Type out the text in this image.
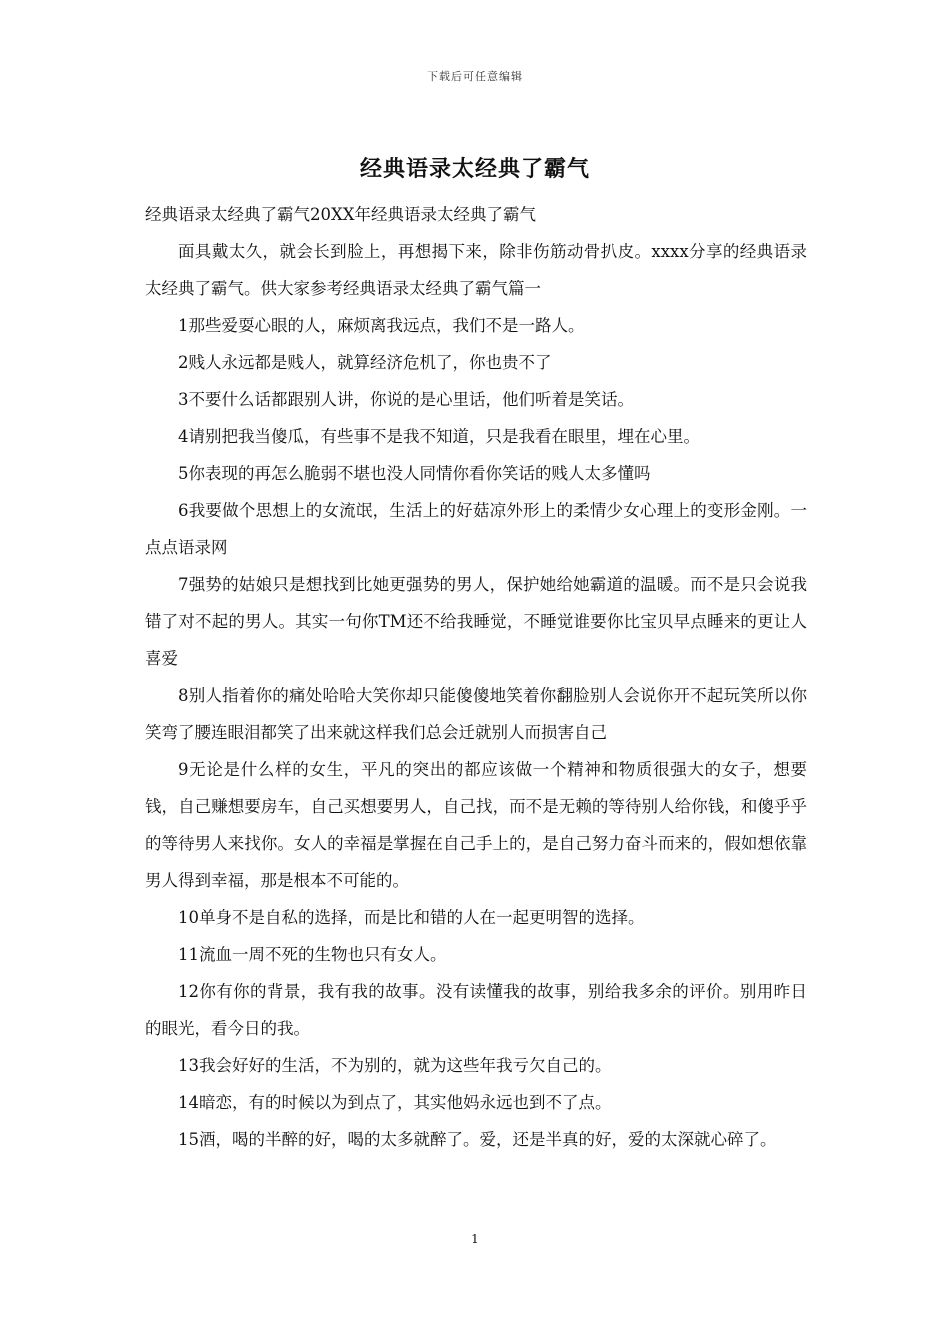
下载后可任意编辑
经典语录太经典了霸气

经典语录太经典了霸气20XX年经典语录太经典了霸气

面具戴太久，就会长到脸上，再想揭下来，除非伤筋动骨扒皮。xxxx分享的经典语录太经典了霸气。供大家参考经典语录太经典了霸气篇一

1那些爱耍心眼的人，麻烦离我远点，我们不是一路人。

2贱人永远都是贱人，就算经济危机了，你也贵不了

3不要什么话都跟别人讲，你说的是心里话，他们听着是笑话。

4请别把我当傻瓜，有些事不是我不知道，只是我看在眼里，埋在心里。

5你表现的再怎么脆弱不堪也没人同情你看你笑话的贱人太多懂吗

6我要做个思想上的女流氓，生活上的好菇凉外形上的柔情少女心理上的变形金刚。一点点语录网

7强势的姑娘只是想找到比她更强势的男人，保护她给她霸道的温暖。而不是只会说我错了对不起的男人。其实一句你TM还不给我睡觉，不睡觉谁要你比宝贝早点睡来的更让人喜爱

8别人指着你的痛处哈哈大笑你却只能傻傻地笑着你翻脸别人会说你开不起玩笑所以你笑弯了腰连眼泪都笑了出来就这样我们总会迁就别人而损害自己

9无论是什么样的女生，平凡的突出的都应该做一个精神和物质很强大的女子，想要钱，自己赚想要房车，自己买想要男人，自己找，而不是无赖的等待别人给你钱，和傻乎乎的等待男人来找你。女人的幸福是掌握在自己手上的，是自己努力奋斗而来的，假如想依靠男人得到幸福，那是根本不可能的。

10单身不是自私的选择，而是比和错的人在一起更明智的选择。

11流血一周不死的生物也只有女人。

12你有你的背景，我有我的故事。没有读懂我的故事，别给我多余的评价。别用昨日的眼光，看今日的我。

13我会好好的生活，不为别的，就为这些年我亏欠自己的。

14暗恋，有的时候以为到点了，其实他妈永远也到不了点。

15酒，喝的半醉的好，喝的太多就醉了。爱，还是半真的好，爱的太深就心碎了。

1
